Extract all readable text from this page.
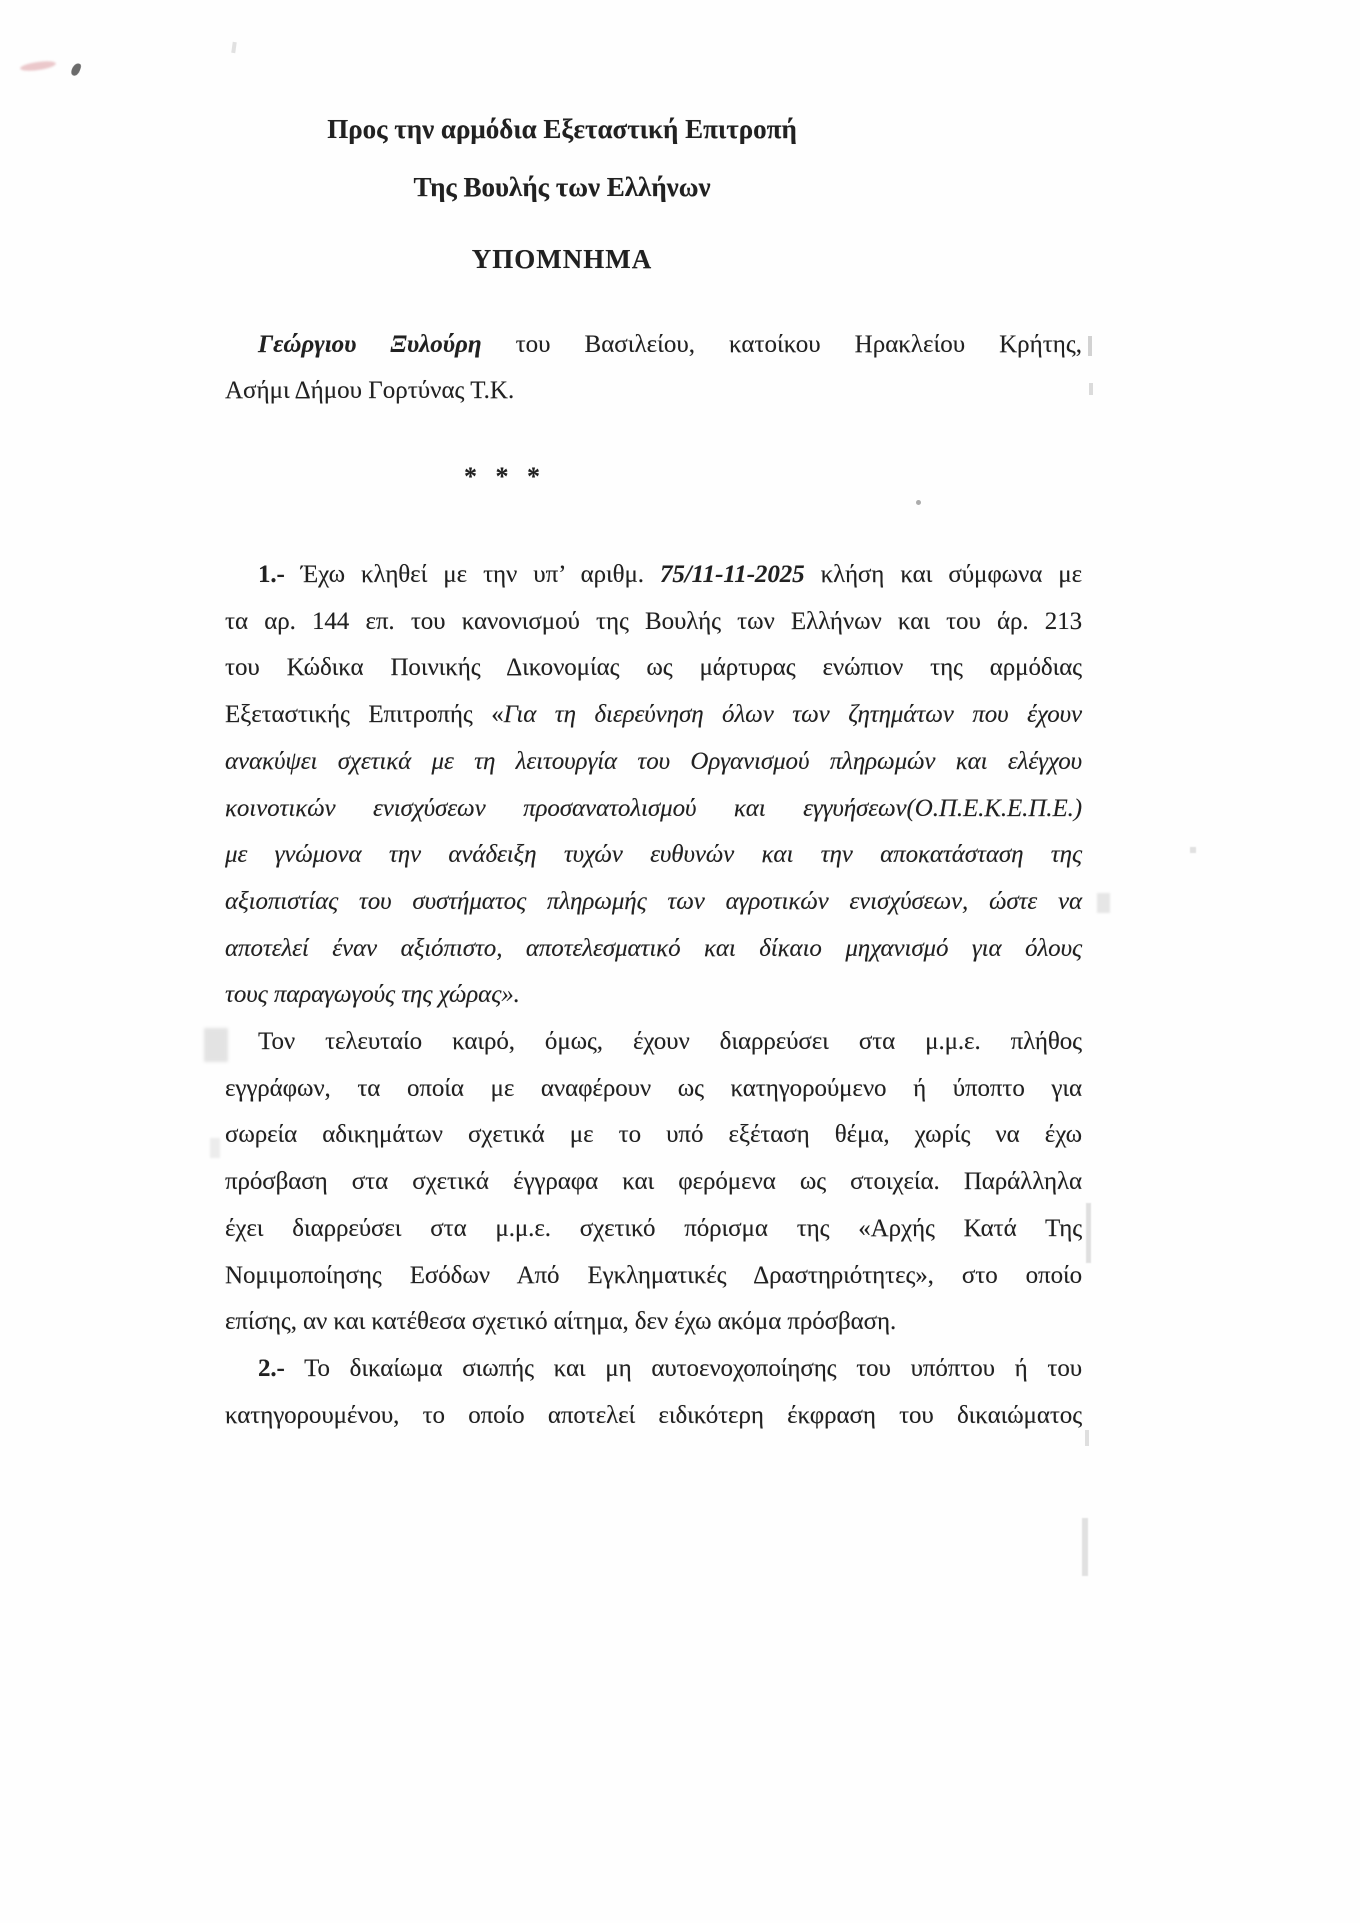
Προς την αρμόδια Εξεταστική Επιτροπή
Της Βουλής των Ελλήνων
ΥΠΟΜΝΗΜΑ
Γεώργιου Ξυλούρη του Βασιλείου, κατοίκου Ηρακλείου Κρήτης,
Ασήμι Δήμου Γορτύνας Τ.Κ.
* * *
1.- Έχω κληθεί με την υπ’ αριθμ. 75/11-11-2025 κλήση και σύμφωνα με
τα αρ. 144 επ. του κανονισμού της Βουλής των Ελλήνων και του άρ. 213
του Κώδικα Ποινικής Δικονομίας ως μάρτυρας ενώπιον της αρμόδιας
Εξεταστικής Επιτροπής «Για τη διερεύνηση όλων των ζητημάτων που έχουν
ανακύψει σχετικά με τη λειτουργία του Οργανισμού πληρωμών και ελέγχου
κοινοτικών ενισχύσεων προσανατολισμού και εγγυήσεων(Ο.Π.Ε.Κ.Ε.Π.Ε.)
με γνώμονα την ανάδειξη τυχών ευθυνών και την αποκατάσταση της
αξιοπιστίας του συστήματος πληρωμής των αγροτικών ενισχύσεων, ώστε να
αποτελεί έναν αξιόπιστο, αποτελεσματικό και δίκαιο μηχανισμό για όλους
τους παραγωγούς της χώρας».
Τον τελευταίο καιρό, όμως, έχουν διαρρεύσει στα μ.μ.ε. πλήθος
εγγράφων, τα οποία με αναφέρουν ως κατηγορούμενο ή ύποπτο για
σωρεία αδικημάτων σχετικά με το υπό εξέταση θέμα, χωρίς να έχω
πρόσβαση στα σχετικά έγγραφα και φερόμενα ως στοιχεία. Παράλληλα
έχει διαρρεύσει στα μ.μ.ε. σχετικό πόρισμα της «Αρχής Κατά Της
Νομιμοποίησης Εσόδων Από Εγκληματικές Δραστηριότητες», στο οποίο
επίσης, αν και κατέθεσα σχετικό αίτημα, δεν έχω ακόμα πρόσβαση.
2.- Το δικαίωμα σιωπής και μη αυτοενοχοποίησης του υπόπτου ή του
κατηγορουμένου, το οποίο αποτελεί ειδικότερη έκφραση του δικαιώματος
